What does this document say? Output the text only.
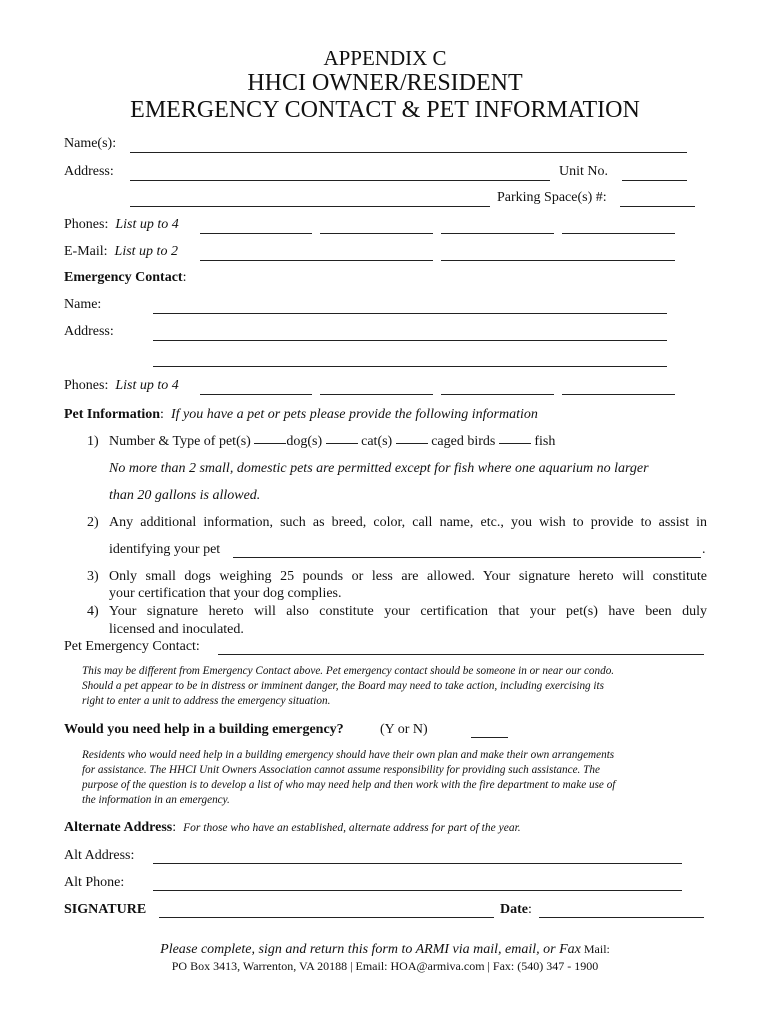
APPENDIX C
HHCI OWNER/RESIDENT
EMERGENCY CONTACT & PET INFORMATION
Name(s):
Address:	Unit No.
Parking Space(s) #:
Phones: List up to 4
E-Mail: List up to 2
Emergency Contact:
Name:
Address:
Phones: List up to 4
Pet Information: If you have a pet or pets please provide the following information
1) Number & Type of pet(s)	dog(s)	cat(s)	caged birds	fish
No more than 2 small, domestic pets are permitted except for fish where one aquarium no larger
than 20 gallons is allowed.
2) Any additional information, such as breed, color, call name, etc., you wish to provide to assist in
identifying your pet	.
3) Only small dogs weighing 25 pounds or less are allowed. Your signature hereto will constitute
your certification that your dog complies.
4) Your signature hereto will also constitute your certification that your pet(s) have been duly
licensed and inoculated.
Pet Emergency Contact:
This may be different from Emergency Contact above. Pet emergency contact should be someone in or near our condo.
Should a pet appear to be in distress or imminent danger, the Board may need to take action, including exercising its
right to enter a unit to address the emergency situation.
Would you need help in a building emergency?	(Y or N)
Residents who would need help in a building emergency should have their own plan and make their own arrangements
for assistance. The HHCI Unit Owners Association cannot assume responsibility for providing such assistance. The
purpose of the question is to develop a list of who may need help and then work with the fire department to make use of
the information in an emergency.
Alternate Address: For those who have an established, alternate address for part of the year.
Alt Address:
Alt Phone:
SIGNATURE	Date:
Please complete, sign and return this form to ARMI via mail, email, or Fax Mail:
PO Box 3413, Warrenton, VA 20188 | Email: HOA@armiva.com | Fax: (540) 347 - 1900
